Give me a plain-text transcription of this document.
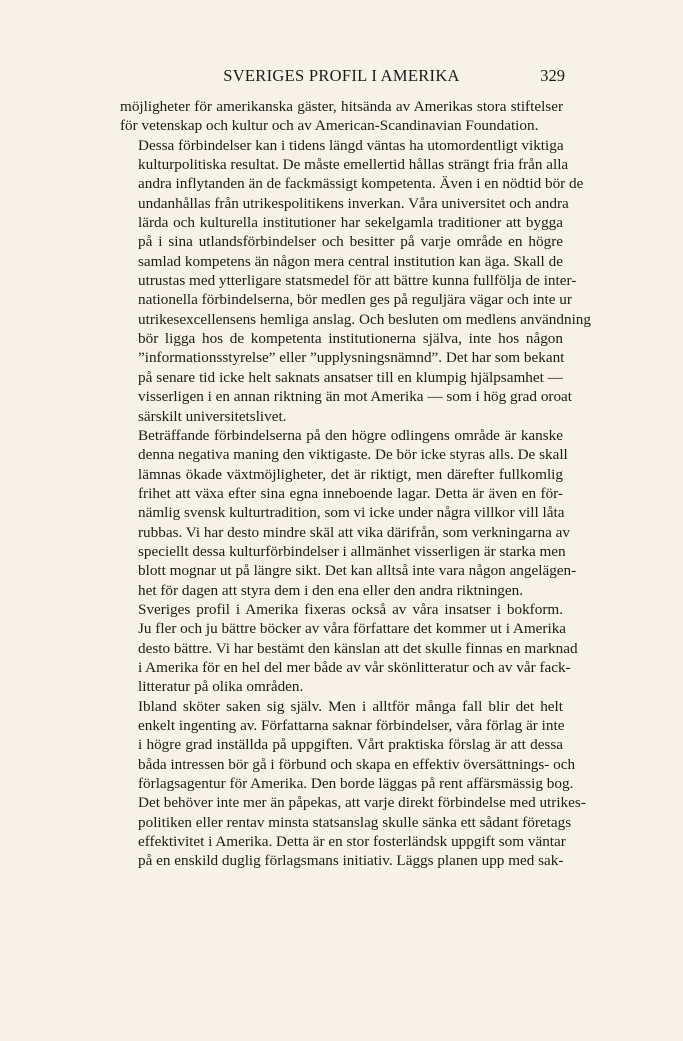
SVERIGES PROFIL I AMERIKA	329

möjligheter för amerikanska gäster, hitsända av Amerikas stora stiftelser
för vetenskap och kultur och av American-Scandinavian Foundation.

Dessa förbindelser kan i tidens längd väntas ha utomordentligt viktiga
kulturpolitiska resultat. De måste emellertid hållas strängt fria från alla
andra inflytanden än de fackmässigt kompetenta. Även i en nödtid bör de
undanhållas från utrikespolitikens inverkan. Våra universitet och andra
lärda och kulturella institutioner har sekelgamla traditioner att bygga
på i sina utlandsförbindelser och besitter på varje område en högre
samlad kompetens än någon mera central institution kan äga. Skall de
utrustas med ytterligare statsmedel för att bättre kunna fullfölja de inter-
nationella förbindelserna, bör medlen ges på reguljära vägar och inte ur
utrikesexcellensens hemliga anslag. Och besluten om medlens användning
bör ligga hos de kompetenta institutionerna själva, inte hos någon
”informationsstyrelse” eller ”upplysningsnämnd”. Det har som bekant
på senare tid icke helt saknats ansatser till en klumpig hjälpsamhet —
visserligen i en annan riktning än mot Amerika — som i hög grad oroat
särskilt universitetslivet.

Beträffande förbindelserna på den högre odlingens område är kanske
denna negativa maning den viktigaste. De bör icke styras alls. De skall
lämnas ökade växtmöjligheter, det är riktigt, men därefter fullkomlig
frihet att växa efter sina egna inneboende lagar. Detta är även en för-
nämlig svensk kulturtradition, som vi icke under några villkor vill låta
rubbas. Vi har desto mindre skäl att vika därifrån, som verkningarna av
speciellt dessa kulturförbindelser i allmänhet visserligen är starka men
blott mognar ut på längre sikt. Det kan alltså inte vara någon angelägen-
het för dagen att styra dem i den ena eller den andra riktningen.

Sveriges profil i Amerika fixeras också av våra insatser i bokform.
Ju fler och ju bättre böcker av våra författare det kommer ut i Amerika
desto bättre. Vi har bestämt den känslan att det skulle finnas en marknad
i Amerika för en hel del mer både av vår skönlitteratur och av vår fack-
litteratur på olika områden.

Ibland sköter saken sig själv. Men i alltför många fall blir det helt
enkelt ingenting av. Författarna saknar förbindelser, våra förlag är inte
i högre grad inställda på uppgiften. Vårt praktiska förslag är att dessa
båda intressen bör gå i förbund och skapa en effektiv översättnings- och
förlagsagentur för Amerika. Den borde läggas på rent affärsmässig bog.
Det behöver inte mer än påpekas, att varje direkt förbindelse med utrikes-
politiken eller rentav minsta statsanslag skulle sänka ett sådant företags
effektivitet i Amerika. Detta är en stor fosterländsk uppgift som väntar
på en enskild duglig förlagsmans initiativ. Läggs planen upp med sak-
